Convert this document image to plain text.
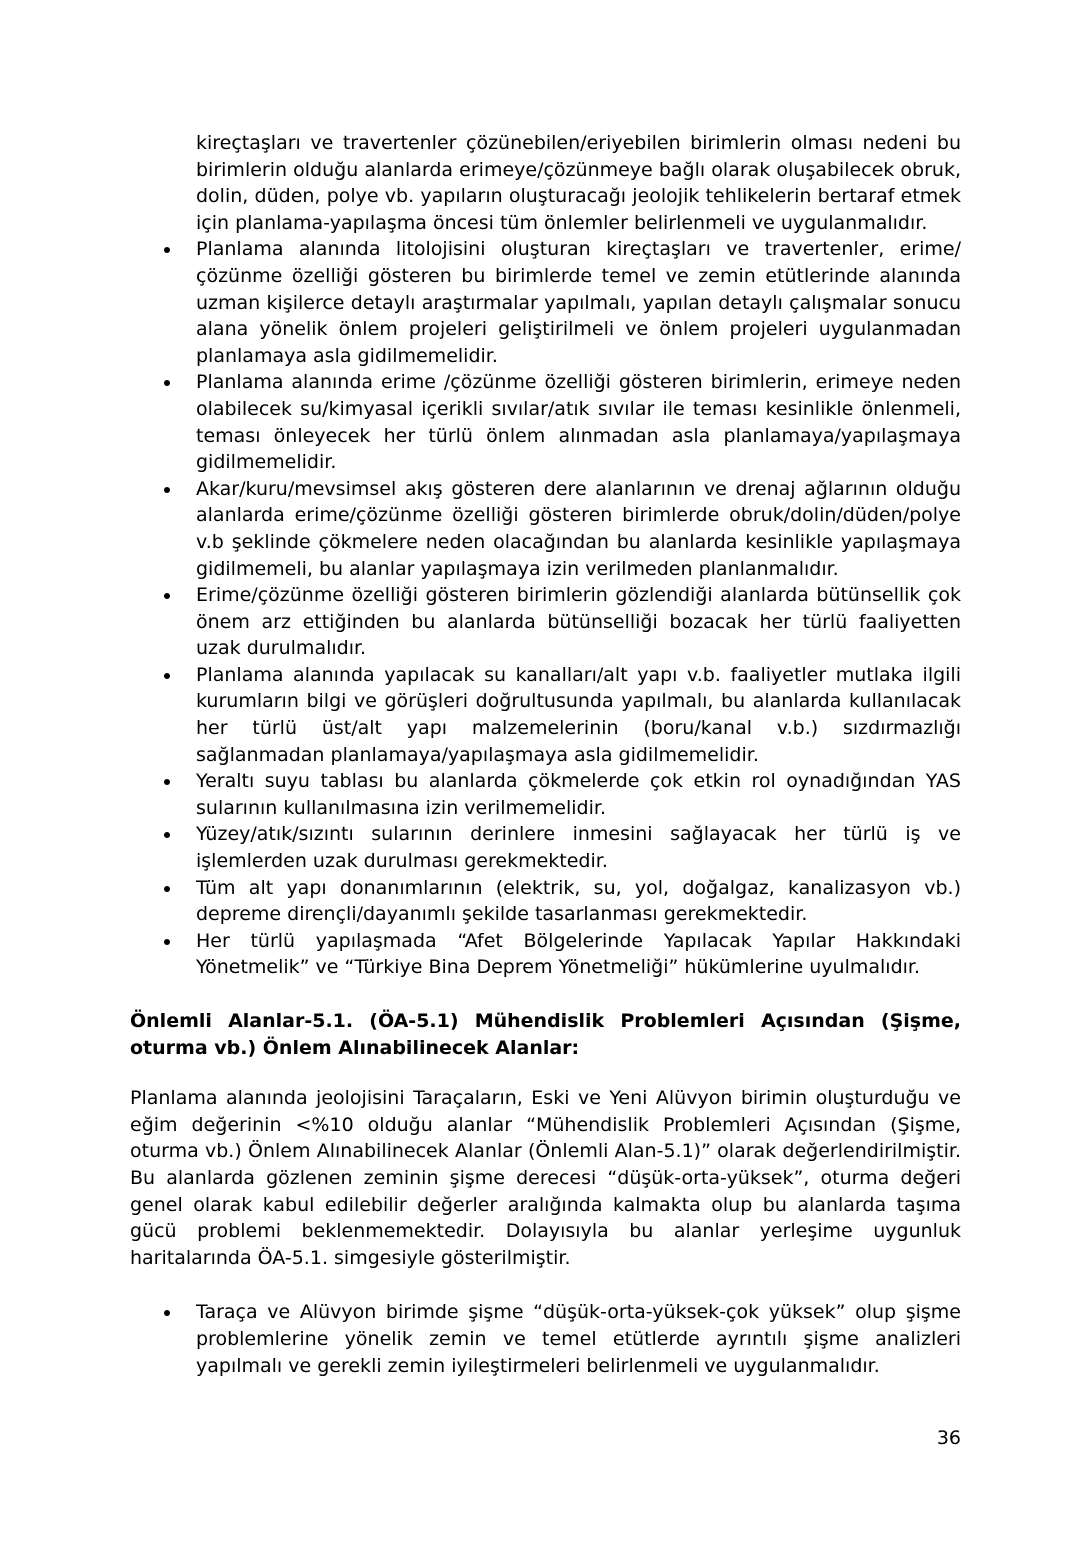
kireçtaşları ve travertenler çözünebilen/eriyebilen birimlerin olması nedeni bu birimlerin olduğu alanlarda erimeye/çözünmeye bağlı olarak oluşabilecek obruk, dolin, düden, polye vb. yapıların oluşturacağı jeolojik tehlikelerin bertaraf etmek için planlama-yapılaşma öncesi tüm önlemler belirlenmeli ve uygulanmalıdır.

Planlama alanında litolojisini oluşturan kireçtaşları ve travertenler, erime/çözünme özelliği gösteren bu birimlerde temel ve zemin etütlerinde alanında uzman kişilerce detaylı araştırmalar yapılmalı, yapılan detaylı çalışmalar sonucu alana yönelik önlem projeleri geliştirilmeli ve önlem projeleri uygulanmadan planlamaya asla gidilmemelidir.
Planlama alanında erime /çözünme özelliği gösteren birimlerin, erimeye neden olabilecek su/kimyasal içerikli sıvılar/atık sıvılar ile teması kesinlikle önlenmeli, teması önleyecek her türlü önlem alınmadan asla planlamaya/yapılaşmaya gidilmemelidir.
Akar/kuru/mevsimsel akış gösteren dere alanlarının ve drenaj ağlarının olduğu alanlarda erime/çözünme özelliği gösteren birimlerde obruk/dolin/düden/polye v.b şeklinde çökmelere neden olacağından bu alanlarda kesinlikle yapılaşmaya gidilmemeli, bu alanlar yapılaşmaya izin verilmeden planlanmalıdır.
Erime/çözünme özelliği gösteren birimlerin gözlendiği alanlarda bütünsellik çok önem arz ettiğinden bu alanlarda bütünselliği bozacak her türlü faaliyetten uzak durulmalıdır.
Planlama alanında yapılacak su kanalları/alt yapı v.b. faaliyetler mutlaka ilgili kurumların bilgi ve görüşleri doğrultusunda yapılmalı, bu alanlarda kullanılacak her türlü üst/alt yapı malzemelerinin (boru/kanal v.b.) sızdırmazlığı sağlanmadan planlamaya/yapılaşmaya asla gidilmemelidir.
Yeraltı suyu tablası bu alanlarda çökmelerde çok etkin rol oynadığından YAS sularının kullanılmasına izin verilmemelidir.
Yüzey/atık/sızıntı sularının derinlere inmesini sağlayacak her türlü iş ve işlemlerden uzak durulması gerekmektedir.
Tüm alt yapı donanımlarının (elektrik, su, yol, doğalgaz, kanalizasyon vb.) depreme dirençli/dayanımlı şekilde tasarlanması gerekmektedir.
Her türlü yapılaşmada “Afet Bölgelerinde Yapılacak Yapılar Hakkındaki Yönetmelik” ve “Türkiye Bina Deprem Yönetmeliği” hükümlerine uyulmalıdır.

Önlemli Alanlar-5.1. (ÖA-5.1) Mühendislik Problemleri Açısından (Şişme, oturma vb.) Önlem Alınabilinecek Alanlar:

Planlama alanında jeolojisini Taraçaların, Eski ve Yeni Alüvyon birimin oluşturduğu ve eğim değerinin <%10 olduğu alanlar “Mühendislik Problemleri Açısından (Şişme, oturma vb.) Önlem Alınabilinecek Alanlar (Önlemli Alan-5.1)” olarak değerlendirilmiştir. Bu alanlarda gözlenen zeminin şişme derecesi “düşük-orta-yüksek”, oturma değeri genel olarak kabul edilebilir değerler aralığında kalmakta olup bu alanlarda taşıma gücü problemi beklenmemektedir. Dolayısıyla bu alanlar yerleşime uygunluk haritalarında ÖA-5.1. simgesiyle gösterilmiştir.

Taraça ve Alüvyon birimde şişme “düşük-orta-yüksek-çok yüksek” olup şişme problemlerine yönelik zemin ve temel etütlerde ayrıntılı şişme analizleri yapılmalı ve gerekli zemin iyileştirmeleri belirlenmeli ve uygulanmalıdır.
36
